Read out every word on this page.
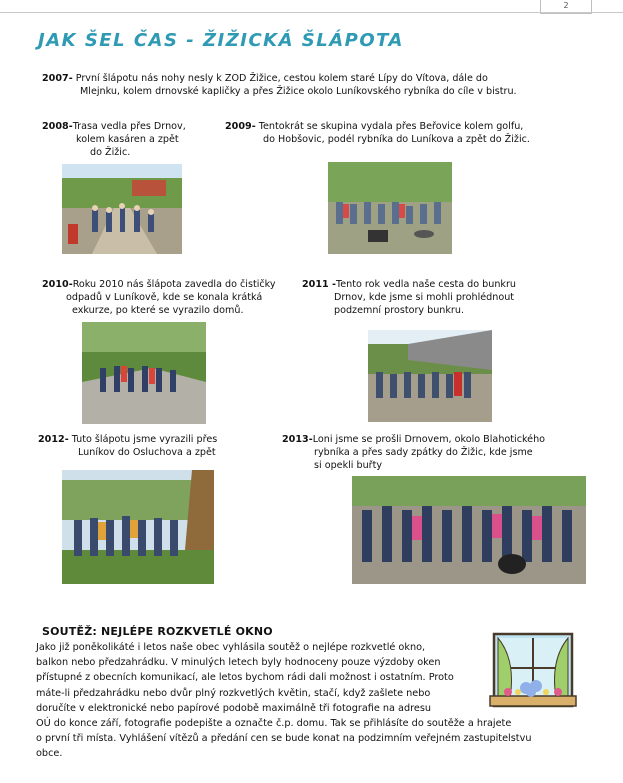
2
JAK ŠEL ČAS - ŽIŽICKÁ ŠLÁPOTA
2007- První šlápotu nás nohy nesly k ZOD Žižice, cestou kolem staré Lípy do Vítova, dále do
Mlejnku, kolem drnovské kapličky a přes Žižice okolo Luníkovského rybníka do cíle v bistru.
2008-Trasa vedla přes Drnov,
kolem kasáren a zpět
do Žižic.
2009- Tentokrát se skupina vydala přes Beřovice kolem golfu,
do Hobšovic, podél rybníka do Luníkova a zpět do Žižic.
2010-Roku 2010 nás šlápota zavedla do čističky
odpadů v Luníkově, kde se konala krátká
exkurze, po které se vyrazilo domů.
2011 -Tento rok vedla naše cesta do bunkru
Drnov, kde jsme si mohli prohlédnout
podzemní prostory bunkru.
2012- Tuto šlápotu jsme vyrazili přes
Luníkov do Osluchova a zpět
2013-Loni jsme se prošli Drnovem, okolo Blahotického
rybníka a přes sady zpátky do Žižic, kde jsme
si opekli buřty
SOUTĚŽ: NEJLÉPE ROZKVETLÉ OKNO
Jako již poněkolikáté i letos naše obec vyhlásila soutěž o nejlépe rozkvetlé okno,
balkon nebo předzahrádku. V minulých letech byly hodnoceny pouze výzdoby oken
přístupné z obecních komunikací, ale letos bychom rádi dali možnost i ostatním. Proto
máte-li předzahrádku nebo dvůr plný rozkvetlých květin, stačí, když zašlete nebo
doručíte v elektronické nebo papírové podobě maximálně tři fotografie na adresu
OÚ do konce září, fotografie podepište a označte č.p. domu. Tak se přihlásíte do soutěže a hrajete
o první tři místa. Vyhlášení vítězů a předání cen se bude konat na podzimním veřejném zastupitelstvu
obce.
